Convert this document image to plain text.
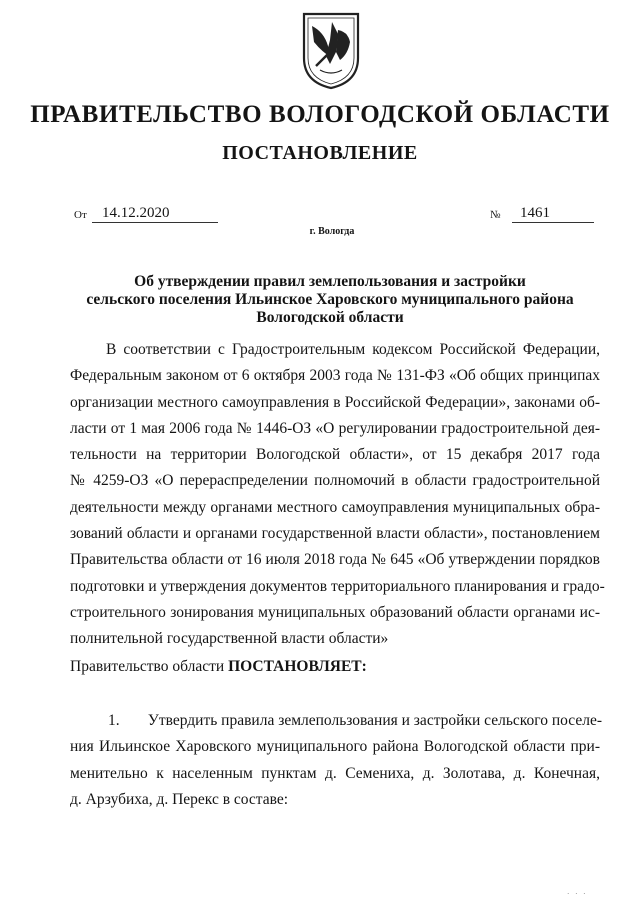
ПРАВИТЕЛЬСТВО ВОЛОГОДСКОЙ ОБЛАСТИ
ПОСТАНОВЛЕНИЕ
От	14.12.2020	№	1461
г. Вологда
Об утверждении правил землепользования и застройки
сельского поселения Ильинское Харовского муниципального района
Вологодской области
В соответствии с Градостроительным кодексом Российской Федерации,
Федеральным законом от 6 октября 2003 года № 131-ФЗ «Об общих принципах
организации местного самоуправления в Российской Федерации», законами об-
ласти от 1 мая 2006 года № 1446-ОЗ «О регулировании градостроительной дея-
тельности на территории Вологодской области», от 15 декабря 2017 года
№ 4259-ОЗ «О перераспределении полномочий в области градостроительной
деятельности между органами местного самоуправления муниципальных обра-
зований области и органами государственной власти области», постановлением
Правительства области от 16 июля 2018 года № 645 «Об утверждении порядков
подготовки и утверждения документов территориального планирования и градо-
строительного зонирования муниципальных образований области органами ис-
полнительной государственной власти области»
Правительство области ПОСТАНОВЛЯЕТ:
1. Утвердить правила землепользования и застройки сельского поселе-
ния Ильинское Харовского муниципального района Вологодской области при-
менительно к населенным пунктам д. Семениха, д. Золотава, д. Конечная,
д. Арзубиха, д. Перекс в составе:
· · ·
